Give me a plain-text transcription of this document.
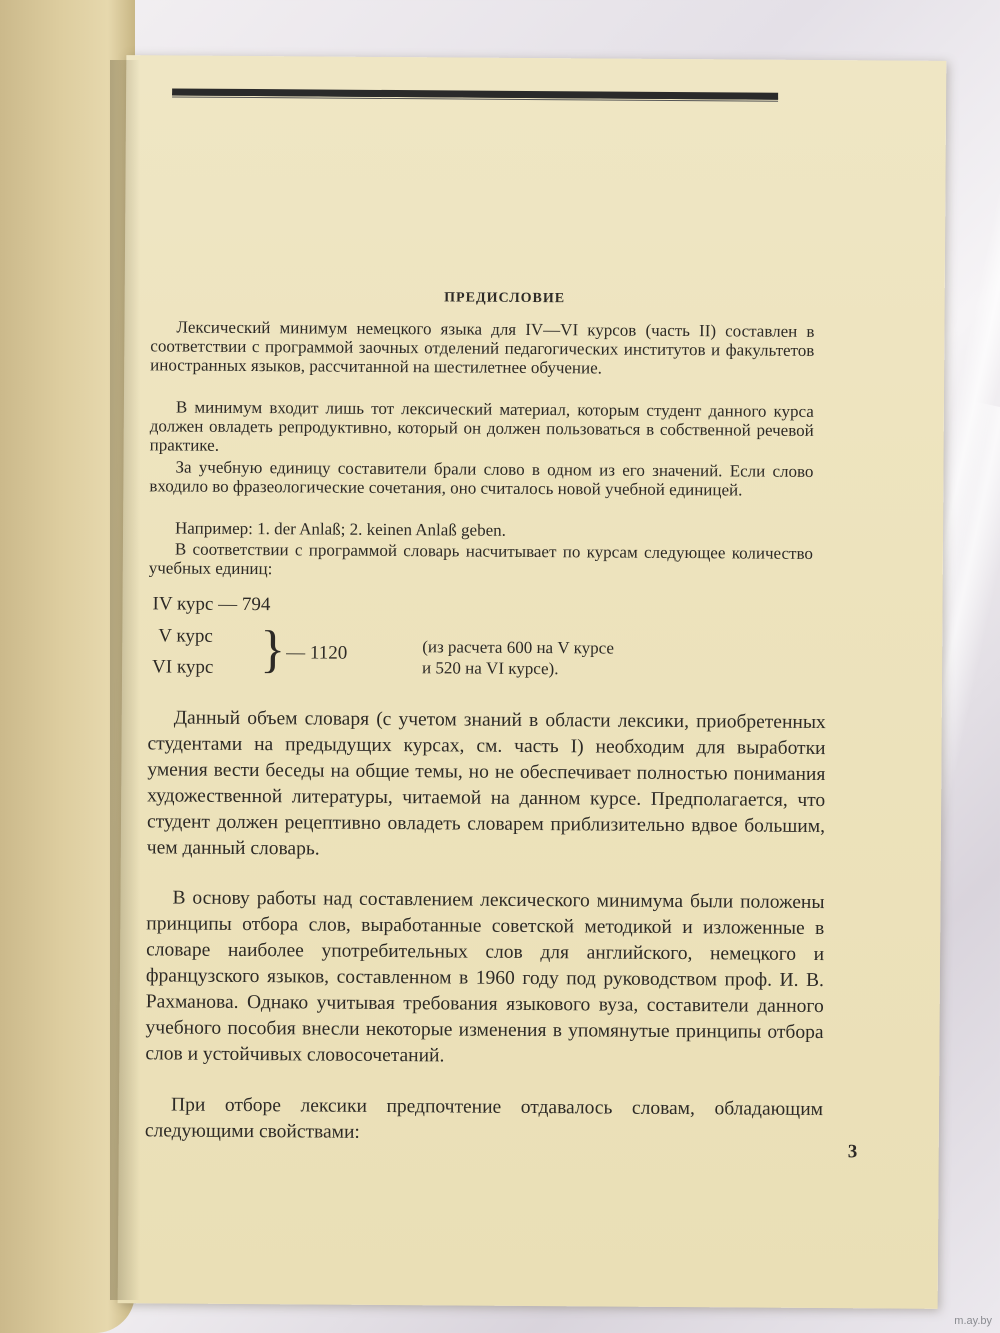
ПРЕДИСЛОВИЕ

Лексический минимум немецкого языка для IV—VI курсов (часть II) составлен в соответствии с программой заочных отделений педагогических институтов и факультетов иностранных языков, рассчитанной на шестилетнее обучение.

В минимум входит лишь тот лексический материал, которым студент данного курса должен овладеть репродуктивно, который он должен пользоваться в собственной речевой практике.

За учебную единицу составители брали слово в одном из его значений. Если слово входило во фразеологические сочетания, оно считалось новой учебной единицей.

Например: 1. der Anlaß; 2. keinen Anlaß geben.

В соответствии с программой словарь насчитывает по курсам следующее количество учебных единиц:

IV курс — 794
V курс
VI курс } — 1120	(из расчета 600 на V курсе
и 520 на VI курсе).

Данный объем словаря (с учетом знаний в области лексики, приобретенных студентами на предыдущих курсах, см. часть I) необходим для выработки умения вести беседы на общие темы, но не обеспечивает полностью понимания художественной литературы, читаемой на данном курсе. Предполагается, что студент должен рецептивно овладеть словарем приблизительно вдвое большим, чем данный словарь.

В основу работы над составлением лексического минимума были положены принципы отбора слов, выработанные советской методикой и изложенные в словаре наиболее употребительных слов для английского, немецкого и французского языков, составленном в 1960 году под руководством проф. И. В. Рахманова. Однако учитывая требования языкового вуза, составители данного учебного пособия внесли некоторые изменения в упомянутые принципы отбора слов и устойчивых словосочетаний.

При отборе лексики предпочтение отдавалось словам, обладающим следующими свойствами:

3

m.ay.by
